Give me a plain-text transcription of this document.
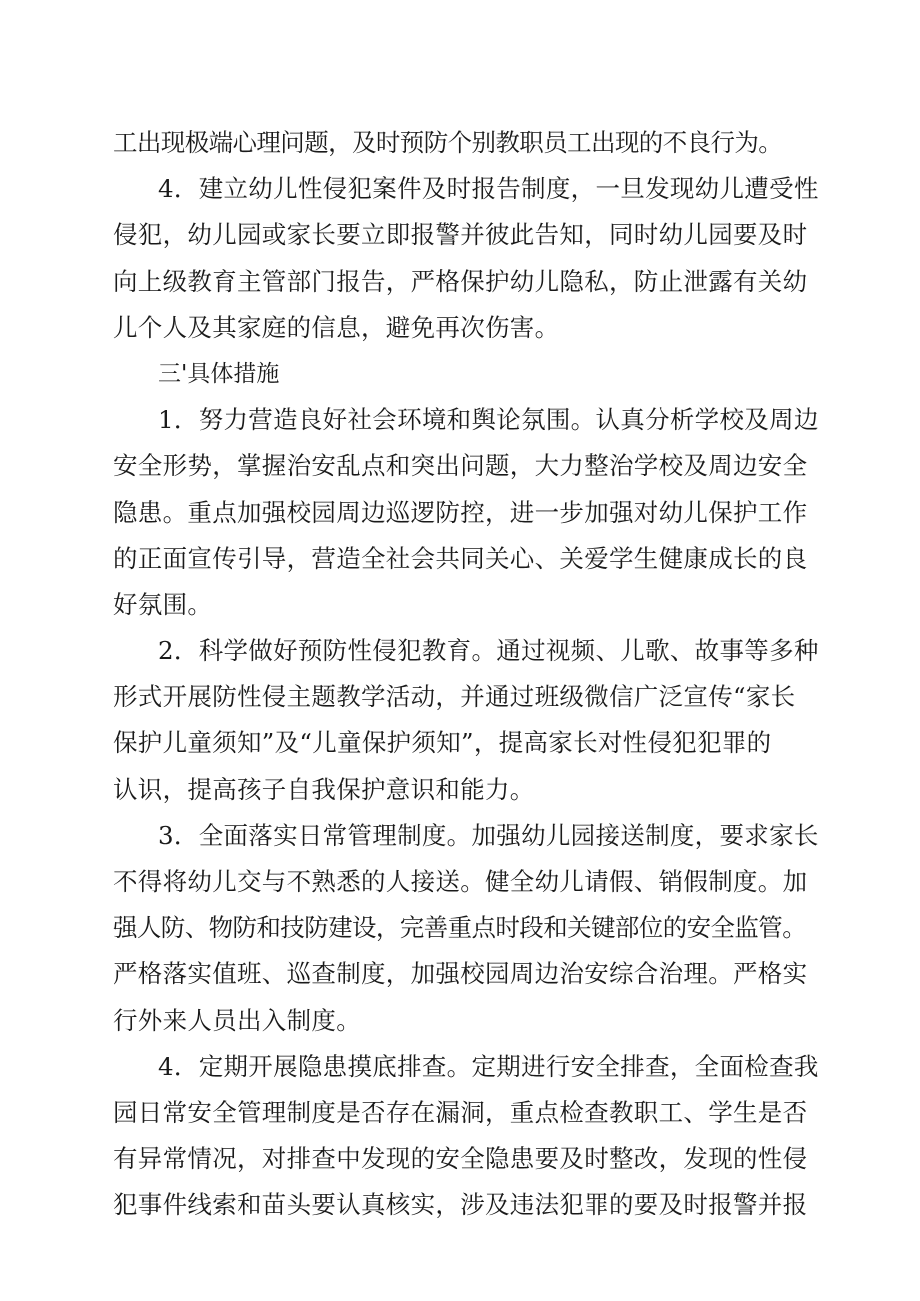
工出现极端心理问题，及时预防个别教职员工出现的不良行为。
4．建立幼儿性侵犯案件及时报告制度，一旦发现幼儿遭受性
侵犯，幼儿园或家长要立即报警并彼此告知，同时幼儿园要及时
向上级教育主管部门报告，严格保护幼儿隐私，防止泄露有关幼
儿个人及其家庭的信息，避免再次伤害。
三'具体措施
1．努力营造良好社会环境和舆论氛围。认真分析学校及周边
安全形势，掌握治安乱点和突出问题，大力整治学校及周边安全
隐患。重点加强校园周边巡逻防控，进一步加强对幼儿保护工作
的正面宣传引导，营造全社会共同关心、关爱学生健康成长的良
好氛围。
2．科学做好预防性侵犯教育。通过视频、儿歌、故事等多种
形式开展防性侵主题教学活动，并通过班级微信广泛宣传“家长
保护儿童须知”及“儿童保护须知”，提高家长对性侵犯犯罪的
认识，提高孩子自我保护意识和能力。
3．全面落实日常管理制度。加强幼儿园接送制度，要求家长
不得将幼儿交与不熟悉的人接送。健全幼儿请假、销假制度。加
强人防、物防和技防建设，完善重点时段和关键部位的安全监管。
严格落实值班、巡查制度，加强校园周边治安综合治理。严格实
行外来人员出入制度。
4．定期开展隐患摸底排查。定期进行安全排查，全面检查我
园日常安全管理制度是否存在漏洞，重点检查教职工、学生是否
有异常情况，对排查中发现的安全隐患要及时整改，发现的性侵
犯事件线索和苗头要认真核实，涉及违法犯罪的要及时报警并报
